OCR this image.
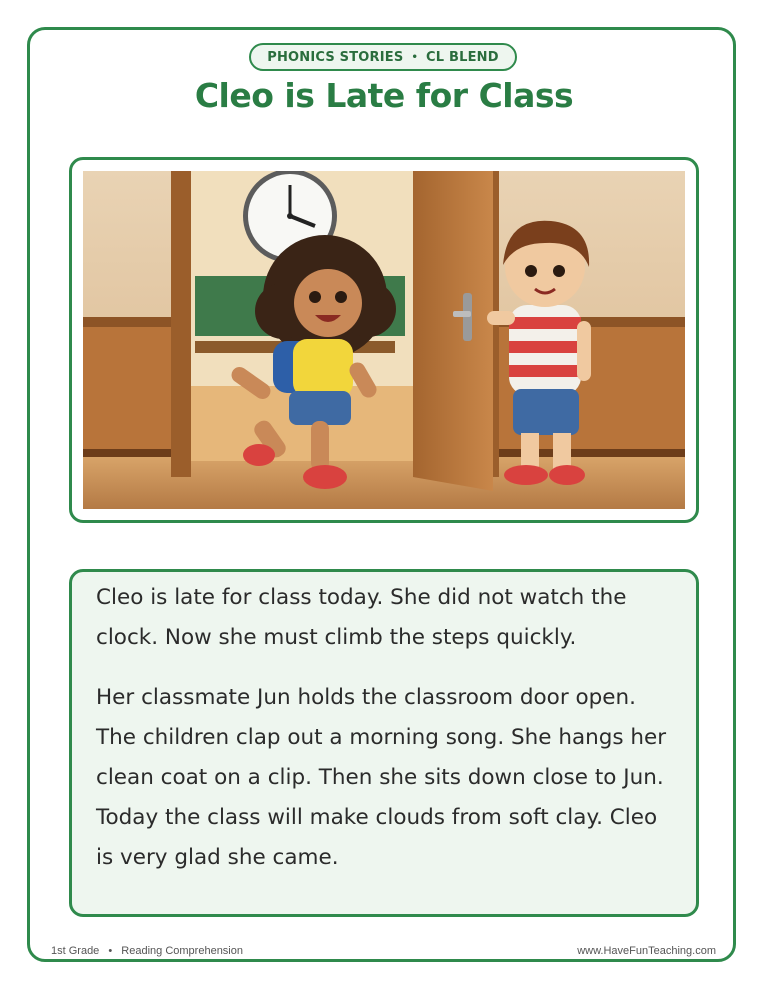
PHONICS STORIES • CL BLEND
Cleo is Late for Class

Cleo is late for class today. She did not watch the clock. Now she must climb the steps quickly.

Her classmate Jun holds the classroom door open. The children clap out a morning song. She hangs her clean coat on a clip. Then she sits down close to Jun. Today the class will make clouds from soft clay. Cleo is very glad she came.

1st Grade • Reading Comprehension	www.HaveFunTeaching.com
